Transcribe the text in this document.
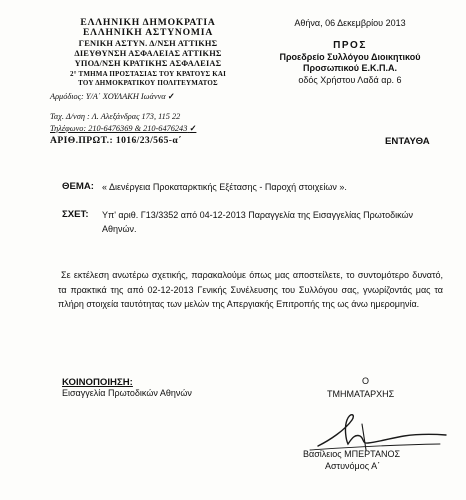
ΕΛΛΗΝΙΚΗ ΔΗΜΟΚΡΑΤΙΑ
ΕΛΛΗΝΙΚΗ ΑΣΤΥΝΟΜΙΑ
ΓΕΝΙΚΗ ΑΣΤΥΝ. Δ/ΝΣΗ ΑΤΤΙΚΗΣ
ΔΙΕΥΘΥΝΣΗ ΑΣΦΑΛΕΙΑΣ ΑΤΤΙΚΗΣ
ΥΠΟΔ/ΝΣΗ ΚΡΑΤΙΚΗΣ ΑΣΦΑΛΕΙΑΣ
2° ΤΜΗΜΑ ΠΡΟΣΤΑΣΙΑΣ ΤΟΥ ΚΡΑΤΟΥΣ ΚΑΙ
ΤΟΥ ΔΗΜΟΚΡΑΤΙΚΟΥ ΠΟΛΙΤΕΥΜΑΤΟΣ
Αρμόδιος: Υ/Α΄ ΧΟΥΛΑΚΗ Ιωάννα ✓
Ταχ. Δ/νση : Λ. Αλεξάνδρας 173, 115 22
Τηλέφωνο: 210-6476369 & 210-6476243 ✓
ΑΡΙΘ.ΠΡΩΤ.: 1016/23/565-α΄
Αθήνα, 06 Δεκεμβρίου 2013
ΠΡΟΣ
Προεδρείο Συλλόγου Διοικητικού
Προσωπικού Ε.Κ.Π.Α.
οδός Χρήστου Λαδά αρ. 6
ΕΝΤΑΥΘΑ
ΘΕΜΑ: « Διενέργεια Προκαταρκτικής Εξέτασης - Παροχή στοιχείων ».
ΣΧΕΤ: Υπ' αριθ. Γ13/3352 από 04-12-2013 Παραγγελία της Εισαγγελίας Πρωτοδικών
Αθηνών.
Σε εκτέλεση ανωτέρω σχετικής, παρακαλούμε όπως μας αποστείλετε, το συντομότερο δυνατό, τα πρακτικά της από 02-12-2013 Γενικής Συνέλευσης του Συλλόγου σας, γνωρίζοντάς μας τα πλήρη στοιχεία ταυτότητας των μελών της Απεργιακής Επιτροπής της ως άνω ημερομηνία.
ΚΟΙΝΟΠΟΙΗΣΗ:
Εισαγγελία Πρωτοδικών Αθηνών
Ο
ΤΜΗΜΑΤΑΡΧΗΣ
Βασίλειος ΜΠΕΡΤΑΝΟΣ
Αστυνόμος Α΄
